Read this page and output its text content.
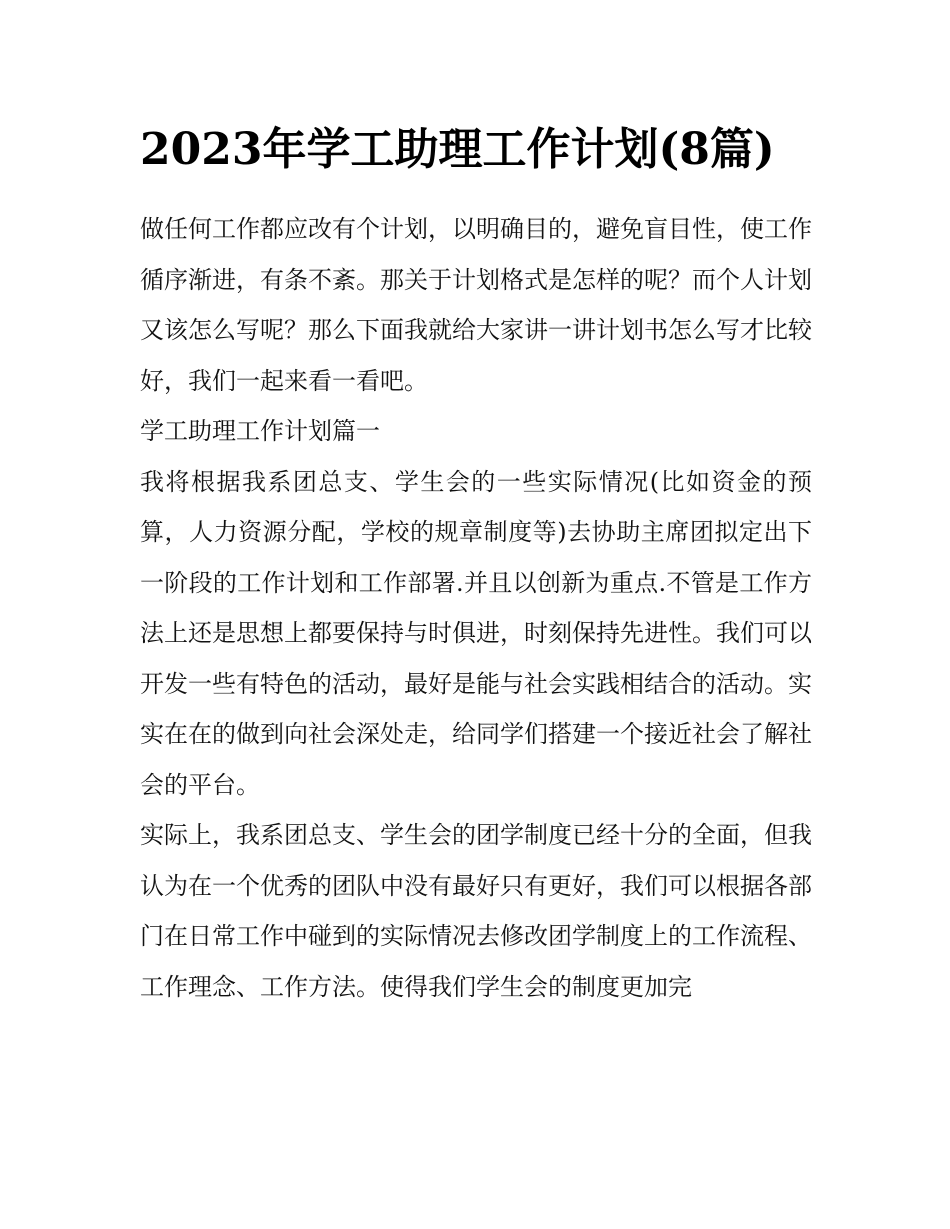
2023年学工助理工作计划(8篇)

做任何工作都应改有个计划，以明确目的，避免盲目性，使工作循序渐进，有条不紊。那关于计划格式是怎样的呢？而个人计划又该怎么写呢？那么下面我就给大家讲一讲计划书怎么写才比较好，我们一起来看一看吧。

学工助理工作计划篇一

我将根据我系团总支、学生会的一些实际情况(比如资金的预算，人力资源分配，学校的规章制度等)去协助主席团拟定出下一阶段的工作计划和工作部署.并且以创新为重点.不管是工作方法上还是思想上都要保持与时俱进，时刻保持先进性。我们可以开发一些有特色的活动，最好是能与社会实践相结合的活动。实实在在的做到向社会深处走，给同学们搭建一个接近社会了解社会的平台。

实际上，我系团总支、学生会的团学制度已经十分的全面，但我认为在一个优秀的团队中没有最好只有更好，我们可以根据各部门在日常工作中碰到的实际情况去修改团学制度上的工作流程、工作理念、工作方法。使得我们学生会的制度更加完
